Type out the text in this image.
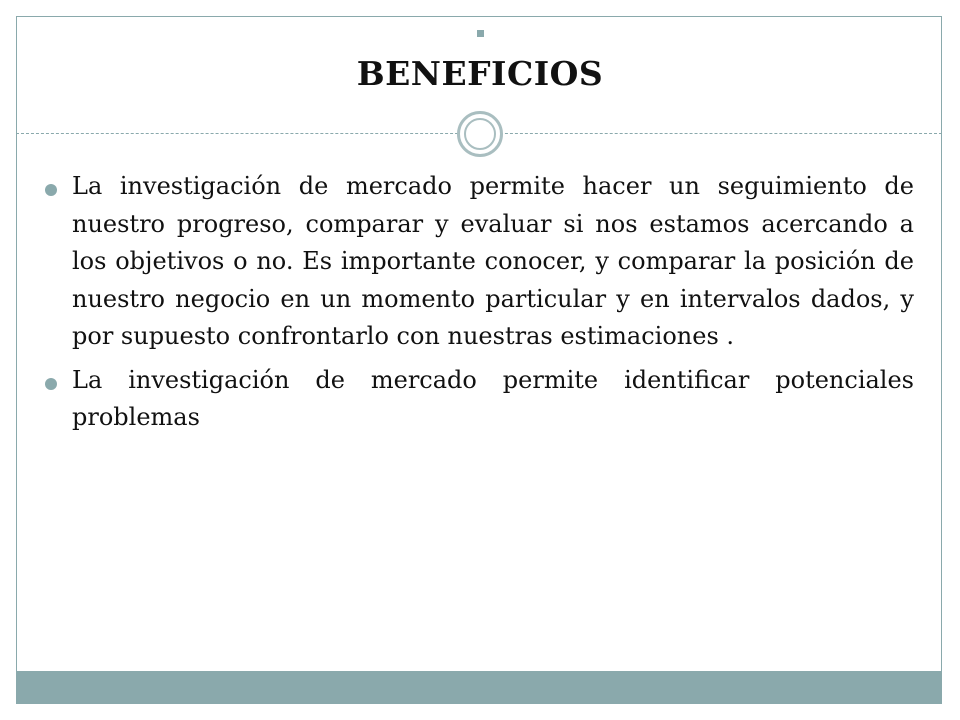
BENEFICIOS
La investigación de mercado permite hacer un seguimiento de nuestro progreso, comparar y evaluar si nos estamos acercando a los objetivos o no. Es importante conocer, y comparar la posición de nuestro negocio en un momento particular y en intervalos dados, y por supuesto confrontarlo con nuestras estimaciones .
La investigación de mercado permite identificar potenciales problemas
